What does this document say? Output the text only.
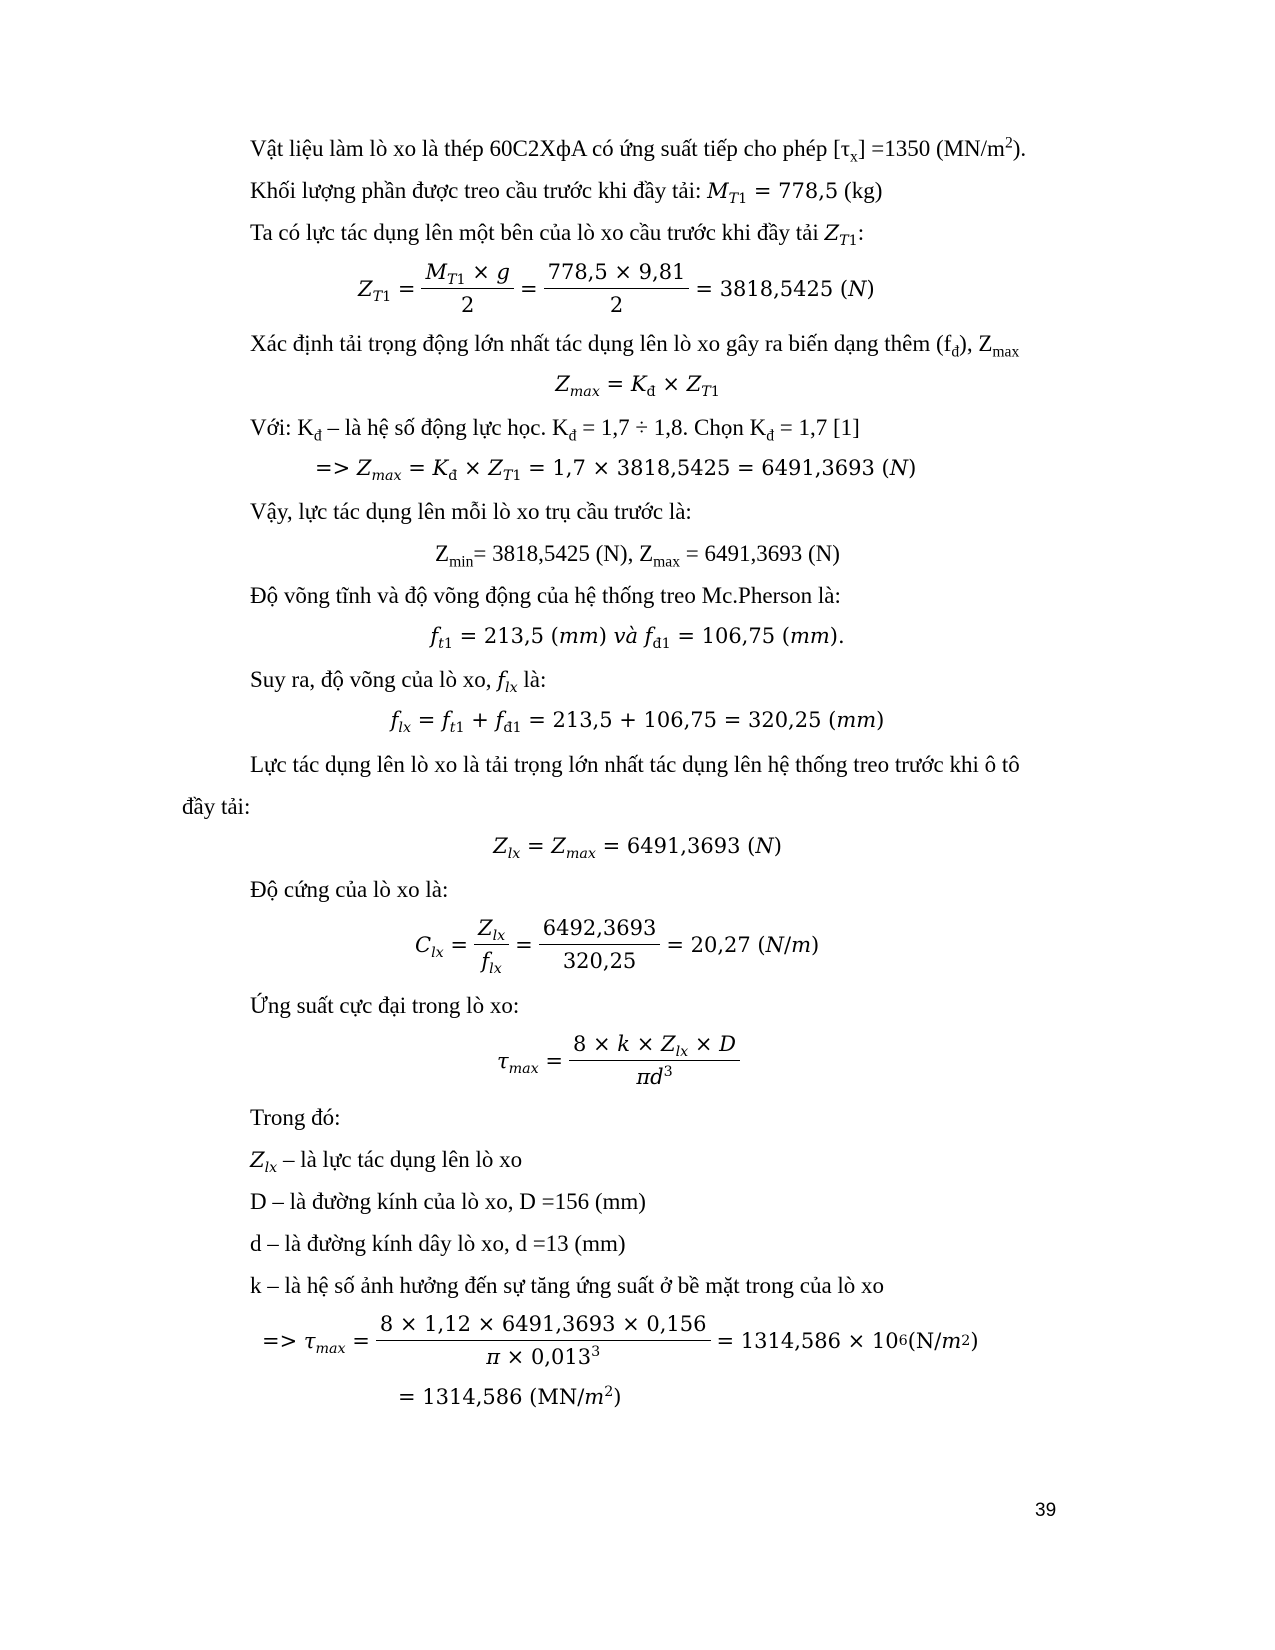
Vật liệu làm lò xo là thép 60C2XфA có ứng suất tiếp cho phép $[\tau_x] =1350$ $(MN/m^2)$.
Khối lượng phần được treo cầu trước khi đầy tải: $M_{T1} = 778,5$ (kg)
Ta có lực tác dụng lên một bên của lò xo cầu trước khi đầy tải $Z_{T1}$:
$Z_{T1} = \frac{M_{T1} \times g}{2} = \frac{778,5 \times 9,81}{2} = 3818,5425$ ( N )
Xác định tải trọng động lớn nhất tác dụng lên lò xo gây ra biến dạng thêm $(f_đ)$, $Z_{max}$
$Z_{max} = K_đ \times Z_{T1}$
Với: $K_đ$ – là hệ số động lực học. $K_đ = 1,7 \div 1,8$. Chọn $K_đ = 1,7$ [1]
=> $Z_{max} = K_đ \times Z_{T1} = 1,7 \times 3818,5425 = 6491,3693$ (N)
Vậy, lực tác dụng lên mỗi lò xo trụ cầu trước là:
$Z_{min}= 3818,5425$ (N), $Z_{max} = 6491,3693$ (N)
Độ võng tĩnh và độ võng động của hệ thống treo Mc.Pherson là:
$f_{t1} = 213,5$ (mm) và $f_{đ1} = 106,75$ (mm).
Suy ra, độ võng của lò xo, $f_{lx}$ là:
$f_{lx} = f_{t1} + f_{đ1} = 213,5 + 106,75 = 320,25$ (mm)
Lực tác dụng lên lò xo là tải trọng lớn nhất tác dụng lên hệ thống treo trước khi ô tô
đầy tải:
$Z_{lx} = Z_{max} = 6491,3693$ (N)
Độ cứng của lò xo là:
$C_{lx} = \frac{Z_{lx}}{f_{lx}} = \frac{6492,3693}{320,25} = 20,27$ ( N / m )
Ứng suất cực đại trong lò xo:
$\tau_{max} = \frac{8 \times k \times Z_{lx} \times D}{\pi d^3}$
Trong đó:
$Z_{lx}$ – là lực tác dụng lên lò xo
D – là đường kính của lò xo, D =156 (mm)
d – là đường kính dây lò xo, d =13 (mm)
k – là hệ số ảnh hưởng đến sự tăng ứng suất ở bề mặt trong của lò xo
=> $\tau_{max} = \frac{8 \times 1,12 \times 6491,3693 \times 0,156}{\pi \times 0,013^3} = 1314,586 \times 10$ 6 (N/ m 2 )
= 1314,586 $(MN/m^2)$
39
